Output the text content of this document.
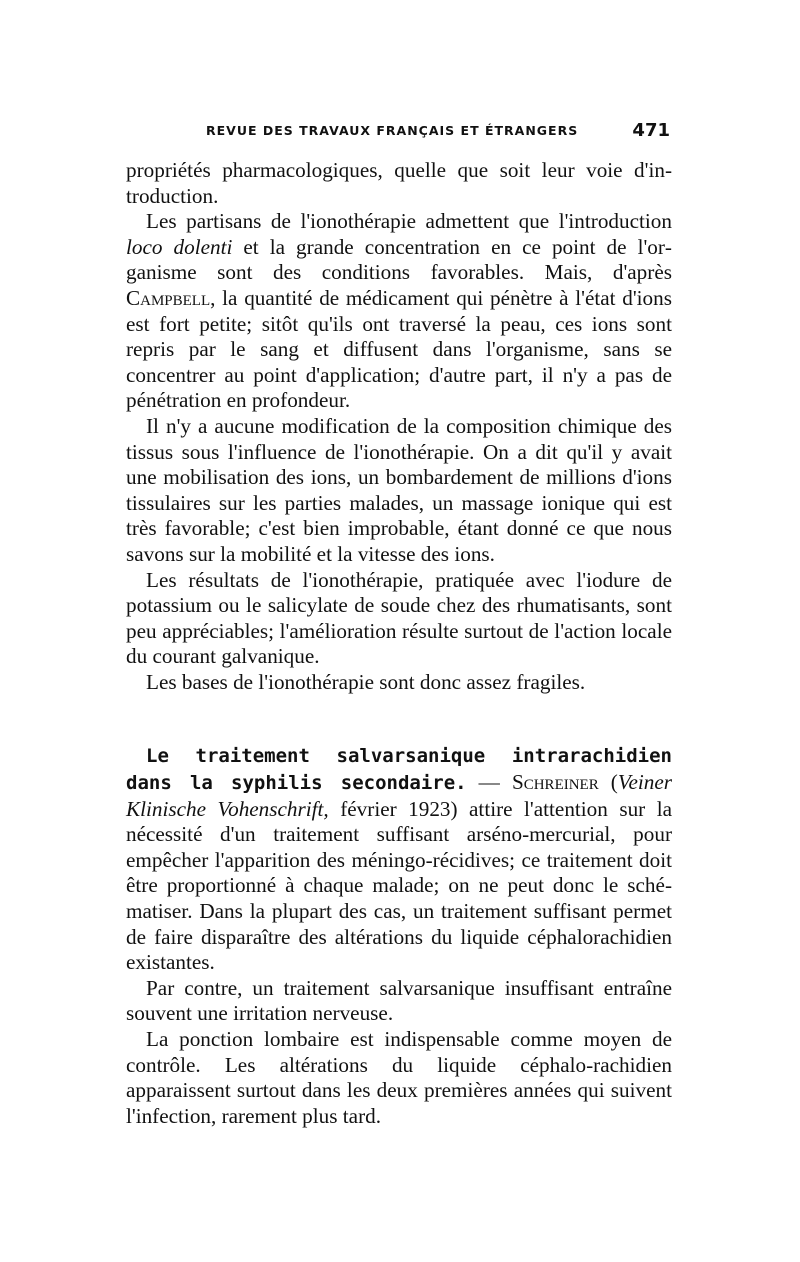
REVUE DES TRAVAUX FRANÇAIS ET ÉTRANGERS	471

propriétés pharmacologiques, quelle que soit leur voie d'introduction.

Les partisans de l'ionothérapie admettent que l'introduction loco dolenti et la grande concentration en ce point de l'organisme sont des conditions favorables. Mais, d'après Campbell, la quantité de médicament qui pénètre à l'état d'ions est fort petite; sitôt qu'ils ont traversé la peau, ces ions sont repris par le sang et diffusent dans l'organisme, sans se concentrer au point d'application; d'autre part, il n'y a pas de pénétration en profondeur.

Il n'y a aucune modification de la composition chimique des tissus sous l'influence de l'ionothérapie. On a dit qu'il y avait une mobilisation des ions, un bombardement de millions d'ions tissulaires sur les parties malades, un massage ionique qui est très favorable; c'est bien improbable, étant donné ce que nous savons sur la mobilité et la vitesse des ions.

Les résultats de l'ionothérapie, pratiquée avec l'iodure de potassium ou le salicylate de soude chez des rhumatisants, sont peu appréciables; l'amélioration résulte surtout de l'action locale du courant galvanique.

Les bases de l'ionothérapie sont donc assez fragiles.

Le traitement salvarsanique intrarachidien dans la syphilis secondaire. — Schreiner (Veiner Klinische Vohenschrift, février 1923) attire l'attention sur la nécessité d'un traitement suffisant arséno-mercurial, pour empêcher l'apparition des méningo-récidives; ce traitement doit être proportionné à chaque malade; on ne peut donc le schématiser. Dans la plupart des cas, un traitement suffisant permet de faire disparaître des altérations du liquide céphalorachidien existantes.

Par contre, un traitement salvarsanique insuffisant entraîne souvent une irritation nerveuse.

La ponction lombaire est indispensable comme moyen de contrôle. Les altérations du liquide céphalo-rachidien apparaissent surtout dans les deux premières années qui suivent l'infection, rarement plus tard.
